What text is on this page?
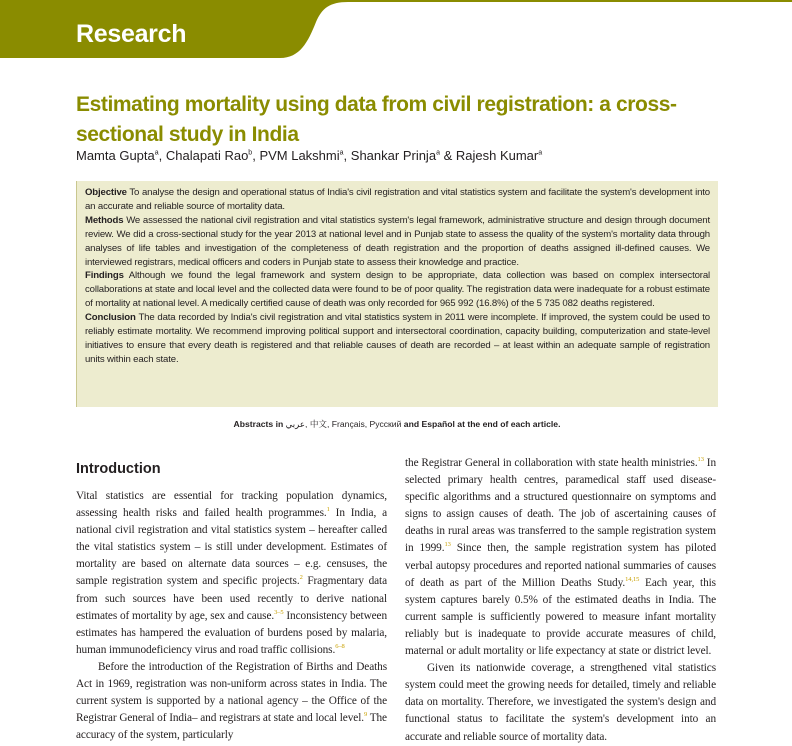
Research
Estimating mortality using data from civil registration: a cross-sectional study in India
Mamta Gupta$^a$, Chalapati Rao$^b$, PVM Lakshmi$^a$, Shankar Prinja$^a$ & Rajesh Kumar$^a$

Objective To analyse the design and operational status of India's civil registration and vital statistics system and facilitate the system's development into an accurate and reliable source of mortality data.

Methods We assessed the national civil registration and vital statistics system's legal framework, administrative structure and design through document review. We did a cross-sectional study for the year 2013 at national level and in Punjab state to assess the quality of the system's mortality data through analyses of life tables and investigation of the completeness of death registration and the proportion of deaths assigned ill-defined causes. We interviewed registrars, medical officers and coders in Punjab state to assess their knowledge and practice.

Findings Although we found the legal framework and system design to be appropriate, data collection was based on complex intersectoral collaborations at state and local level and the collected data were found to be of poor quality. The registration data were inadequate for a robust estimate of mortality at national level. A medically certified cause of death was only recorded for 965 992 (16.8%) of the 5 735 082 deaths registered.

Conclusion The data recorded by India's civil registration and vital statistics system in 2011 were incomplete. If improved, the system could be used to reliably estimate mortality. We recommend improving political support and intersectoral coordination, capacity building, computerization and state-level initiatives to ensure that every death is registered and that reliable causes of death are recorded – at least within an adequate sample of registration units within each state.

Abstracts in عربي, 中文, Français, Русский and Español at the end of each article.
Introduction

Vital statistics are essential for tracking population dynamics, assessing health risks and failed health programmes.$^1$ In India, a national civil registration and vital statistics system – hereafter called the vital statistics system – is still under development. Estimates of mortality are based on alternate data sources – e.g. censuses, the sample registration system and specific projects.$^2$ Fragmentary data from such sources have been used recently to derive national estimates of mortality by age, sex and cause.$^{3-5}$ Inconsistency between estimates has hampered the evaluation of burdens posed by malaria, human immunodeficiency virus and road traffic collisions.$^{6-8}$

Before the introduction of the Registration of Births and Deaths Act in 1969, registration was non-uniform across states in India. The current system is supported by a national agency – the Office of the Registrar General of India– and registrars at state and local level.$^9$ The accuracy of the system, particularly

the Registrar General in collaboration with state health ministries.$^{13}$ In selected primary health centres, paramedical staff used disease-specific algorithms and a structured questionnaire on symptoms and signs to assign causes of death. The job of ascertaining causes of deaths in rural areas was transferred to the sample registration system in 1999.13 Since then, the sample registration system has piloted verbal autopsy procedures and reported national summaries of causes of death as part of the Million Deaths Study.$^{14,15}$ Each year, this system captures barely 0.5% of the estimated deaths in India. The current sample is sufficiently powered to measure infant mortality reliably but is inadequate to provide accurate measures of child, maternal or adult mortality or life expectancy at state or district level.

Given its nationwide coverage, a strengthened vital statistics system could meet the growing needs for detailed, timely and reliable data on mortality. Therefore, we investigated the system's design and functional status to facilitate the system's development into an accurate and reliable source of mortality data.
